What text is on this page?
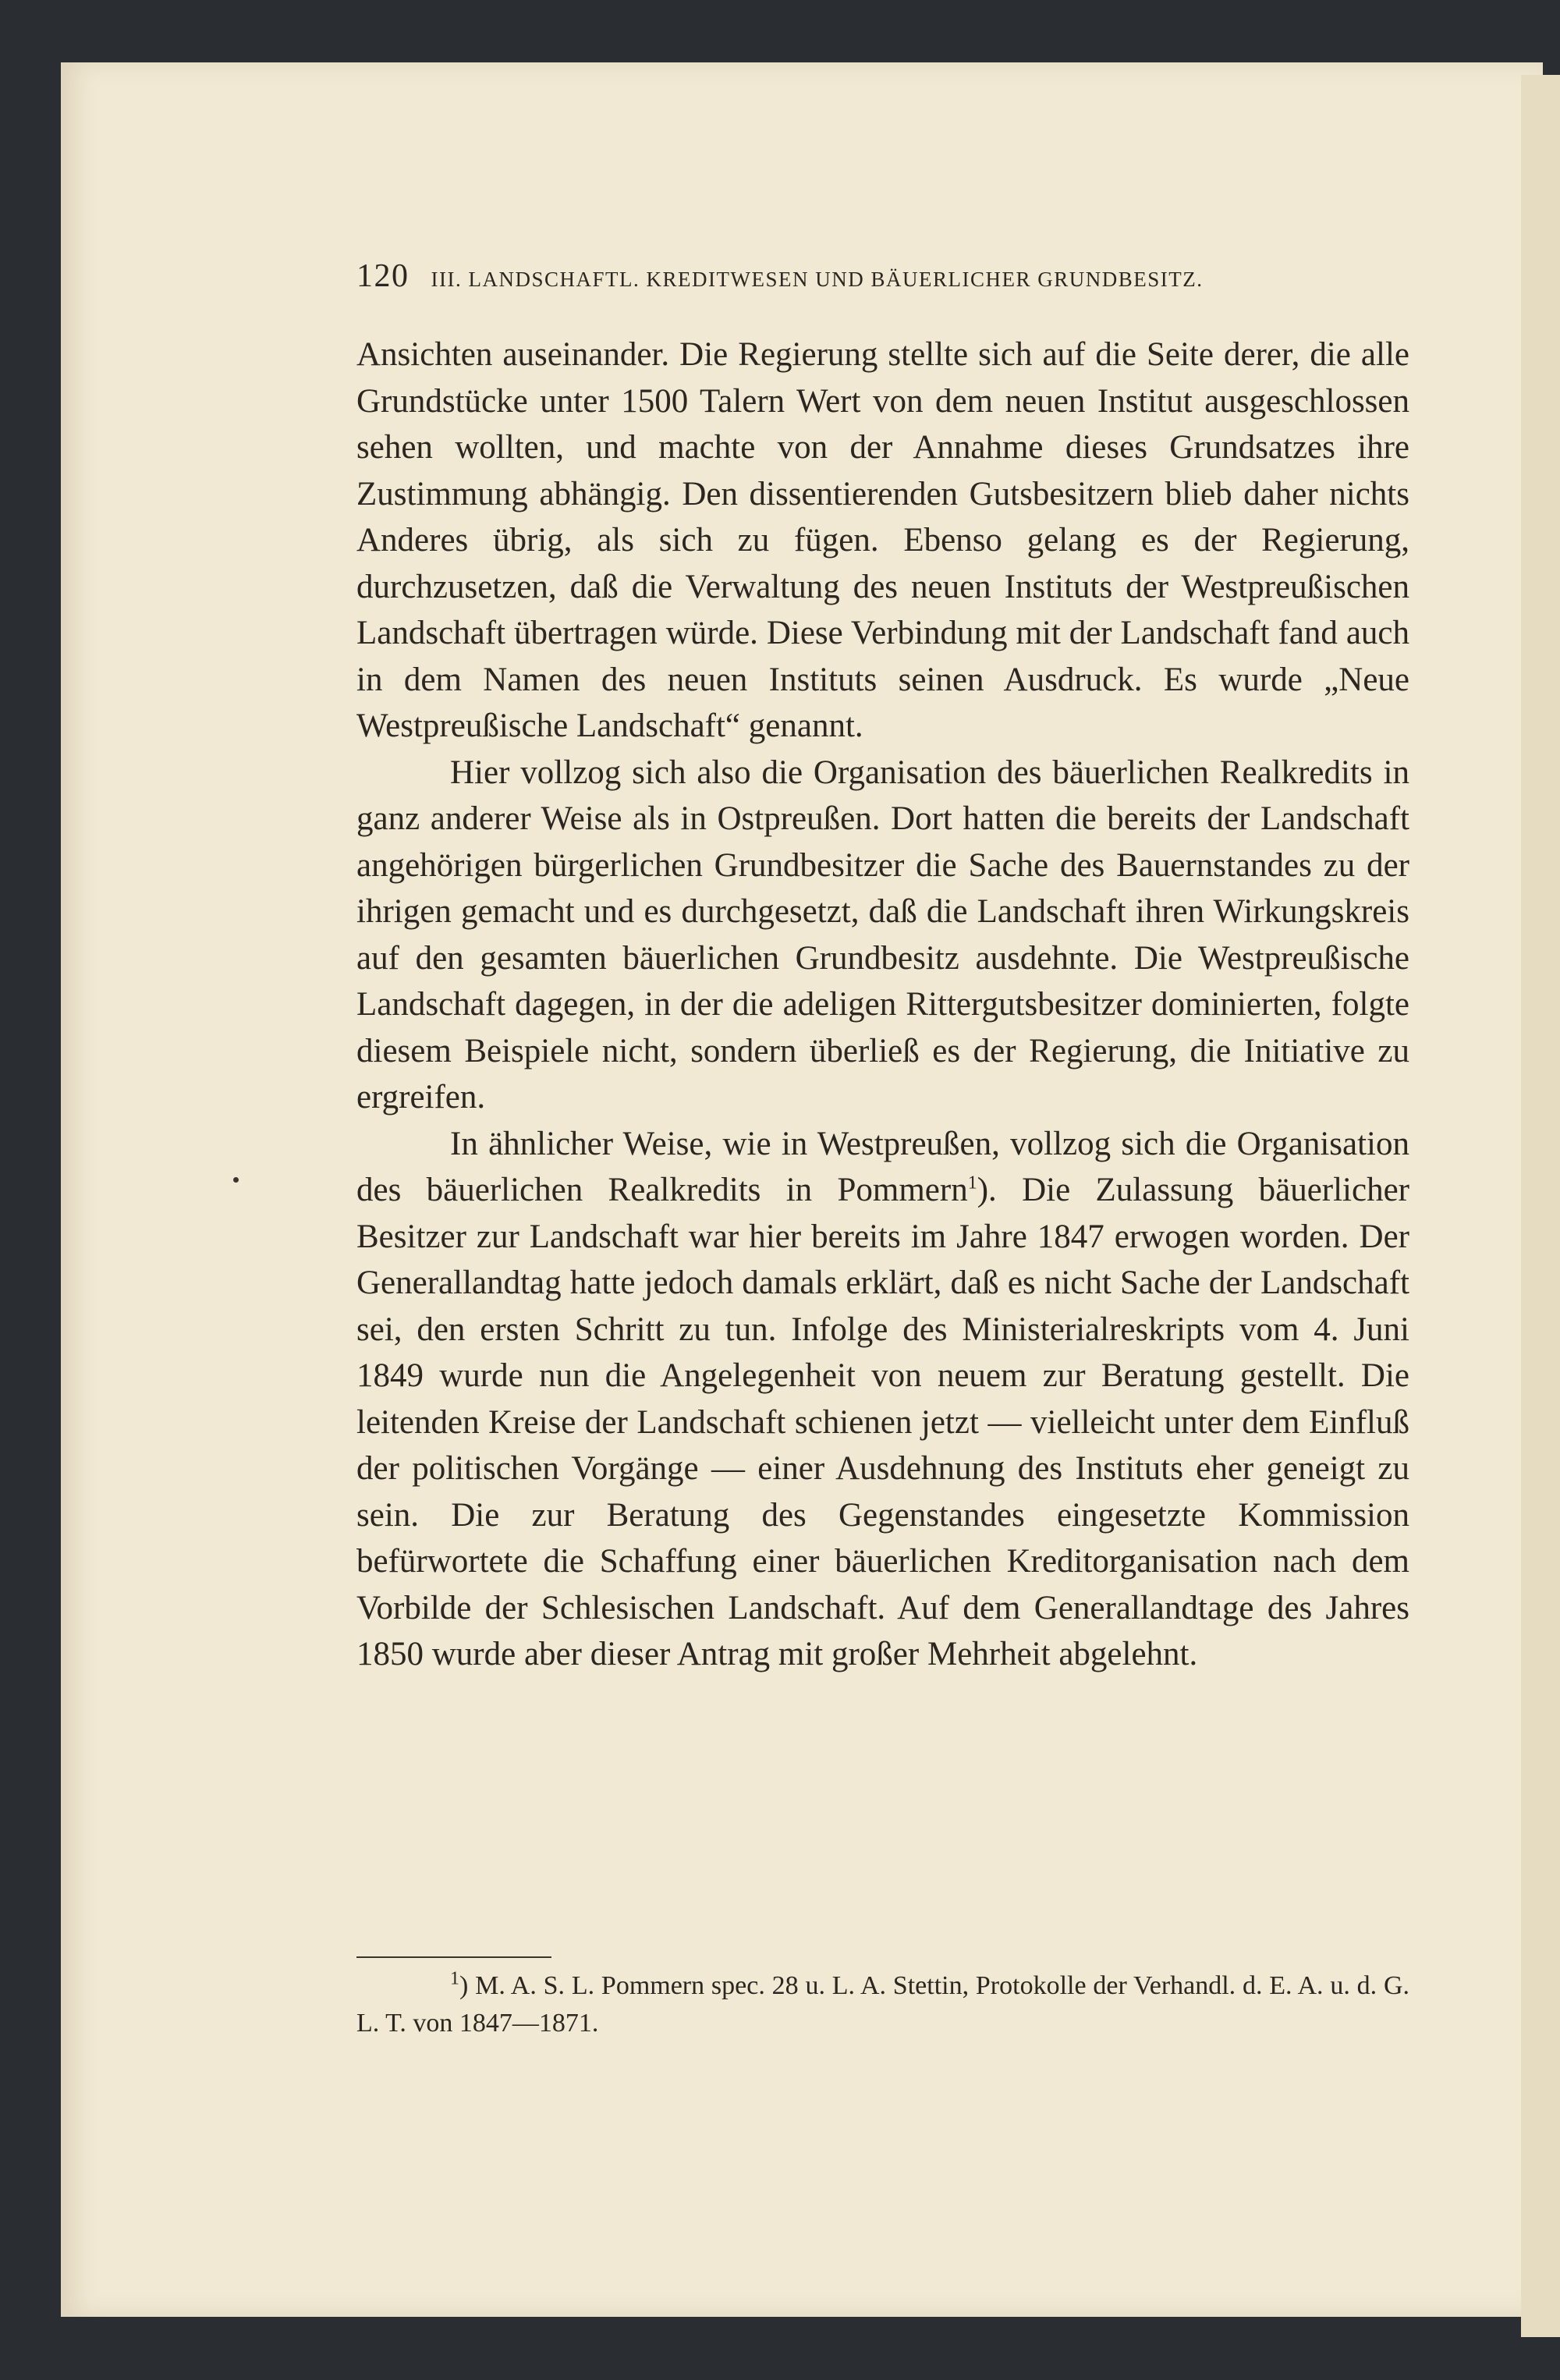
120 III. LANDSCHAFTL. KREDITWESEN UND BÄUERLICHER GRUNDBESITZ.

Ansichten auseinander. Die Regierung stellte sich auf die Seite derer, die alle Grundstücke unter 1500 Talern Wert von dem neuen Institut ausgeschlossen sehen wollten, und machte von der Annahme dieses Grundsatzes ihre Zustimmung abhängig. Den dissentierenden Gutsbesitzern blieb daher nichts Anderes übrig, als sich zu fügen. Ebenso gelang es der Regierung, durchzusetzen, daß die Verwaltung des neuen Instituts der Westpreußischen Landschaft übertragen würde. Diese Verbindung mit der Landschaft fand auch in dem Namen des neuen Instituts seinen Ausdruck. Es wurde „Neue Westpreußische Landschaft“ genannt.

Hier vollzog sich also die Organisation des bäuerlichen Realkredits in ganz anderer Weise als in Ostpreußen. Dort hatten die bereits der Landschaft angehörigen bürgerlichen Grundbesitzer die Sache des Bauernstandes zu der ihrigen gemacht und es durchgesetzt, daß die Landschaft ihren Wirkungskreis auf den gesamten bäuerlichen Grundbesitz ausdehnte. Die Westpreußische Landschaft dagegen, in der die adeligen Rittergutsbesitzer dominierten, folgte diesem Beispiele nicht, sondern überließ es der Regierung, die Initiative zu ergreifen.

In ähnlicher Weise, wie in Westpreußen, vollzog sich die Organisation des bäuerlichen Realkredits in Pommern$^1$). Die Zulassung bäuerlicher Besitzer zur Landschaft war hier bereits im Jahre 1847 erwogen worden. Der Generallandtag hatte jedoch damals erklärt, daß es nicht Sache der Landschaft sei, den ersten Schritt zu tun. Infolge des Ministerialreskripts vom 4. Juni 1849 wurde nun die Angelegenheit von neuem zur Beratung gestellt. Die leitenden Kreise der Landschaft schienen jetzt — vielleicht unter dem Einfluß der politischen Vorgänge — einer Ausdehnung des Instituts eher geneigt zu sein. Die zur Beratung des Gegenstandes eingesetzte Kommission befürwortete die Schaffung einer bäuerlichen Kreditorganisation nach dem Vorbilde der Schlesischen Landschaft. Auf dem Generallandtage des Jahres 1850 wurde aber dieser Antrag mit großer Mehrheit abgelehnt.

$^1$) M. A. S. L. Pommern spec. 28 u. L. A. Stettin, Protokolle der Verhandl. d. E. A. u. d. G. L. T. von 1847—1871.
